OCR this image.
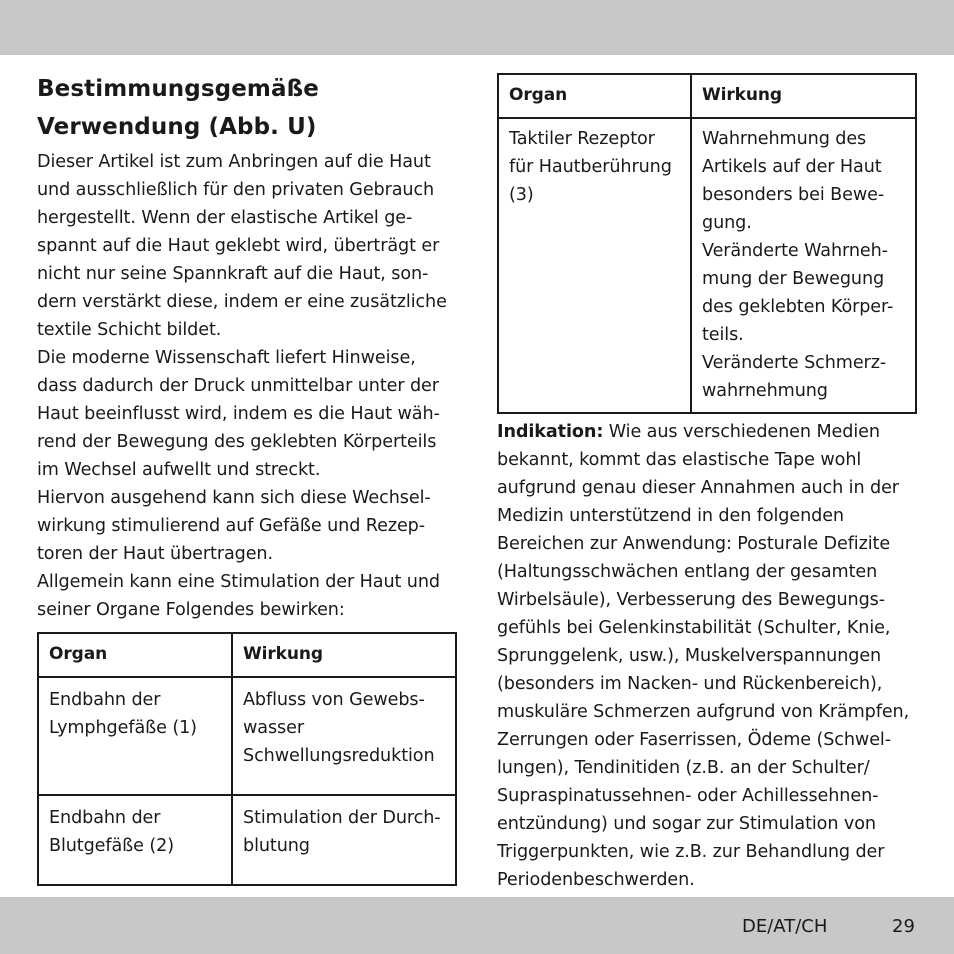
Bestimmungsgemäße Verwendung (Abb. U)

Dieser Artikel ist zum Anbringen auf die Haut und ausschließlich für den privaten Gebrauch hergestellt. Wenn der elastische Artikel ge-spannt auf die Haut geklebt wird, überträgt er nicht nur seine Spannkraft auf die Haut, son-dern verstärkt diese, indem er eine zusätzliche textile Schicht bildet.

Die moderne Wissenschaft liefert Hinweise, dass dadurch der Druck unmittelbar unter der Haut beeinflusst wird, indem es die Haut wäh-rend der Bewegung des geklebten Körperteils im Wechsel aufwellt und streckt.

Hiervon ausgehend kann sich diese Wechsel-wirkung stimulierend auf Gefäße und Rezep-toren der Haut übertragen.

Allgemein kann eine Stimulation der Haut und seiner Organe Folgendes bewirken:

Organ	Wirkung
Endbahn der Lymphgefäße (1)	Abfluss von Gewebs-wasser
Schwellungsreduktion

Endbahn der Blutgefäße (2)	Stimulation der Durch-blutung
Organ	Wirkung
Taktiler Rezeptor für Hautberührung (3)	Wahrnehmung des Artikels auf der Haut besonders bei Bewe-gung.
Veränderte Wahrneh-mung der Bewegung des geklebten Körper-teils.
Veränderte Schmerz-wahrnehmung

Indikation: Wie aus verschiedenen Medien bekannt, kommt das elastische Tape wohl aufgrund genau dieser Annahmen auch in der Medizin unterstützend in den folgenden Bereichen zur Anwendung: Posturale Defizite (Haltungsschwächen entlang der gesamten Wirbelsäule), Verbesserung des Bewegungs-gefühls bei Gelenkinstabilität (Schulter, Knie, Sprunggelenk, usw.), Muskelverspannungen (besonders im Nacken- und Rückenbereich), muskuläre Schmerzen aufgrund von Krämpfen, Zerrungen oder Faserrissen, Ödeme (Schwel-lungen), Tendinitiden (z.B. an der Schulter/ Supraspinatussehnen- oder Achillessehnen-entzündung) und sogar zur Stimulation von Triggerpunkten, wie z.B. zur Behandlung der Periodenbeschwerden.

DE/AT/CH	29
